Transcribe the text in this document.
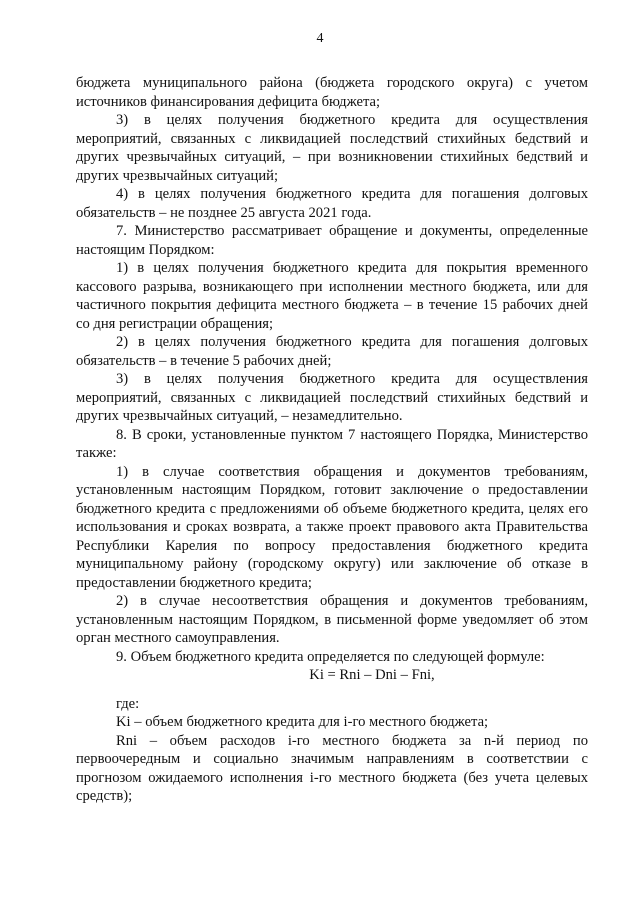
4

бюджета муниципального района (бюджета городского округа) с учетом источников финансирования дефицита бюджета;

3) в целях получения бюджетного кредита для осуществления мероприятий, связанных с ликвидацией последствий стихийных бедствий и других чрезвычайных ситуаций, – при возникновении стихийных бедствий и других чрезвычайных ситуаций;

4) в целях получения бюджетного кредита для погашения долговых обязательств – не позднее 25 августа 2021 года.

7. Министерство рассматривает обращение и документы, определенные настоящим Порядком:

1) в целях получения бюджетного кредита для покрытия временного кассового разрыва, возникающего при исполнении местного бюджета, или для частичного покрытия дефицита местного бюджета – в течение 15 рабочих дней со дня регистрации обращения;

2) в целях получения бюджетного кредита для погашения долговых обязательств – в течение 5 рабочих дней;

3) в целях получения бюджетного кредита для осуществления мероприятий, связанных с ликвидацией последствий стихийных бедствий и других чрезвычайных ситуаций, – незамедлительно.

8. В сроки, установленные пунктом 7 настоящего Порядка, Министерство также:

1) в случае соответствия обращения и документов требованиям, установленным настоящим Порядком, готовит заключение о предоставлении бюджетного кредита с предложениями об объеме бюджетного кредита, целях его использования и сроках возврата, а также проект правового акта Правительства Республики Карелия по вопросу предоставления бюджетного кредита муниципальному району (городскому округу) или заключение об отказе в предоставлении бюджетного кредита;

2) в случае несоответствия обращения и документов требованиям, установленным настоящим Порядком, в письменной форме уведомляет об этом орган местного самоуправления.

9. Объем бюджетного кредита определяется по следующей формуле:

Ki = Rni – Dni – Fni,

где:

Ki – объем бюджетного кредита для i-го местного бюджета;

Rni – объем расходов i-го местного бюджета за n-й период по первоочередным и социально значимым направлениям в соответствии с прогнозом ожидаемого исполнения i-го местного бюджета (без учета целевых средств);
